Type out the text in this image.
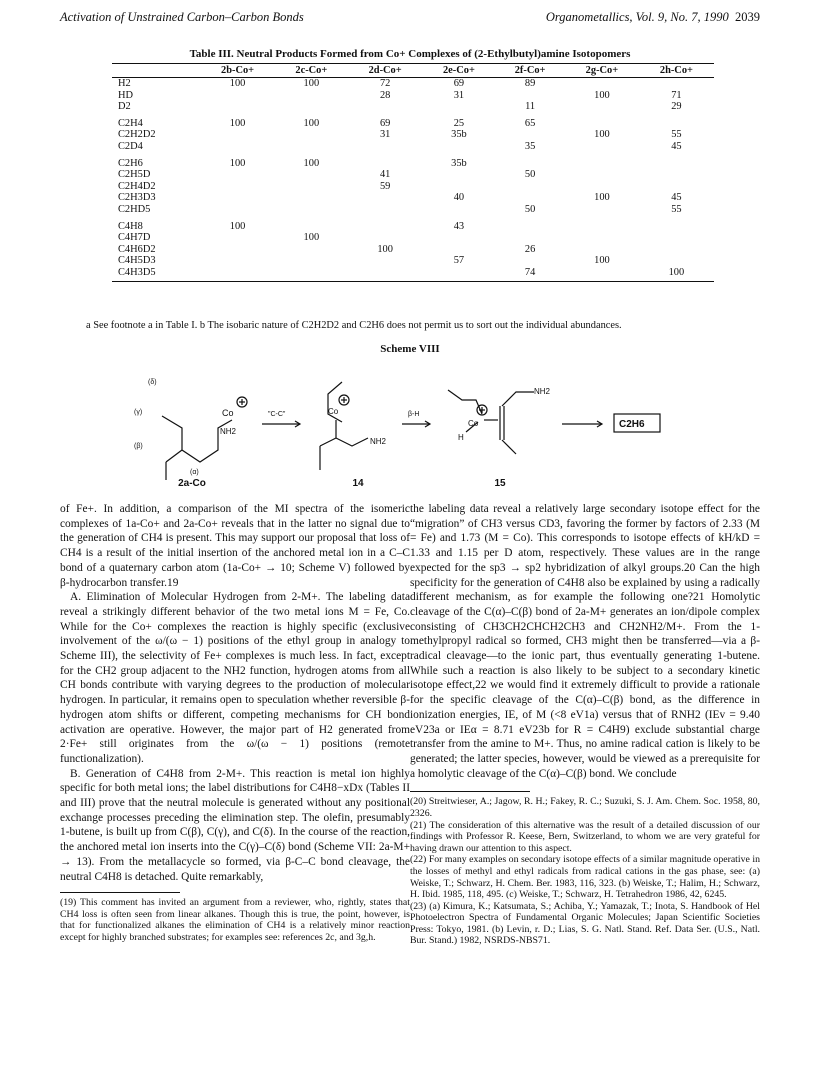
Activation of Unstrained Carbon–Carbon Bonds	Organometallics, Vol. 9, No. 7, 1990 2039
Table III. Neutral Products Formed from Co+ Complexes of (2-Ethylbutyl)amine Isotopomers
	2b-Co+	2c-Co+	2d-Co+	2e-Co+	2f-Co+	2g-Co+	2h-Co+
H2	100	100	72	69	89		
HD			28	31		100	71
D2					11		29
C2H4	100	100	69	25	65		
C2H2D2			31	35b		100	55
C2D4					35		45
C2H6	100	100		35b			
C2H5D			41		50		
C2H4D2			59				
C2H3D3				40		100	45
C2HD5					50		55
C4H8	100			43			
C4H7D		100					
C4H6D2			100		26		
C4H5D3				57		100	
C4H3D5					74		100
a See footnote a in Table I. b The isobaric nature of C2H2D2 and C2H6 does not permit us to sort out the individual abundances.
Scheme VIII
(δ)
(γ)
(β)
(α)
Co
NH2
"C-C"	Co
NH2
β-H
Co
H
NH2
C2H6
2a-Co	14	15

of Fe+. In addition, a comparison of the MI spectra of the isomeric complexes of 1a-Co+ and 2a-Co+ reveals that in the latter no signal due to the generation of CH4 is present. This may support our proposal that loss of CH4 is a result of the initial insertion of the anchored metal ion in a C–C bond of a quaternary carbon atom (1a-Co+ → 10; Scheme V) followed by β-hydrocarbon transfer.19

A. Elimination of Molecular Hydrogen from 2-M+. The labeling data reveal a strikingly different behavior of the two metal ions M = Fe, Co. While for the Co+ complexes the reaction is highly specific (exclusive involvement of the ω/(ω − 1) positions of the ethyl group in analogy to Scheme III), the selectivity of Fe+ complexes is much less. In fact, except for the CH2 group adjacent to the NH2 function, hydrogen atoms from all CH bonds contribute with varying degrees to the production of molecular hydrogen. In particular, it remains open to speculation whether reversible β-hydrogen atom shifts or different, competing mechanisms for CH bond activation are operative. However, the major part of H2 generated from 2·Fe+ still originates from the ω/(ω − 1) positions (remote functionalization).

B. Generation of C4H8 from 2-M+. This reaction is metal ion highly specific for both metal ions; the label distributions for C4H8−xDx (Tables II and III) prove that the neutral molecule is generated without any positional exchange processes preceding the elimination step. The olefin, presumably 1-butene, is built up from C(β), C(γ), and C(δ). In the course of the reaction, the anchored metal ion inserts into the C(γ)–C(δ) bond (Scheme VII: 2a-M+ → 13). From the metallacycle so formed, via β-C–C bond cleavage, the neutral C4H8 is detached. Quite remarkably,

(19) This comment has invited an argument from a reviewer, who, rightly, states that CH4 loss is often seen from linear alkanes. Though this is true, the point, however, is that for functionalized alkanes the elimination of CH4 is a relatively minor reaction except for highly branched substrates; for examples see: references 2c, and 3g,h.

the labeling data reveal a relatively large secondary isotope effect for the “migration” of CH3 versus CD3, favoring the former by factors of 2.33 (M = Fe) and 1.73 (M = Co). This corresponds to isotope effects of kH/kD = 1.33 and 1.15 per D atom, respectively. These values are in the range expected for the sp3 → sp2 hybridization of alkyl groups.20 Can the high specificity for the generation of C4H8 also be explained by using a radically different mechanism, as for example the following one?21 Homolytic cleavage of the C(α)–C(β) bond of 2a-M+ generates an ion/dipole complex consisting of CH3CH2CHCH2CH3 and CH2NH2/M+. From the 1-methylpropyl radical so formed, CH3 might then be transferred—via a β-radical cleavage—to the ionic part, thus eventually generating 1-butene. While such a reaction is also likely to be subject to a secondary kinetic isotope effect,22 we would find it extremely difficult to provide a rationale for the specific cleavage of the C(α)–C(β) bond, as the difference in ionization energies, IE, of M (<8 eV1a) versus that of RNH2 (IEv = 9.40 eV23a or IEα = 8.71 eV23b for R = C4H9) exclude substantial charge transfer from the amine to M+. Thus, no amine radical cation is likely to be generated; the latter species, however, would be viewed as a prerequisite for a homolytic cleavage of the C(α)–C(β) bond. We conclude

(20) Streitwieser, A.; Jagow, R. H.; Fakey, R. C.; Suzuki, S. J. Am. Chem. Soc. 1958, 80, 2326.

(21) The consideration of this alternative was the result of a detailed discussion of our findings with Professor R. Keese, Bern, Switzerland, to whom we are very grateful for having drawn our attention to this aspect.

(22) For many examples on secondary isotope effects of a similar magnitude operative in the losses of methyl and ethyl radicals from radical cations in the gas phase, see: (a) Weiske, T.; Schwarz, H. Chem. Ber. 1983, 116, 323. (b) Weiske, T.; Halim, H.; Schwarz, H. Ibid. 1985, 118, 495. (c) Weiske, T.; Schwarz, H. Tetrahedron 1986, 42, 6245.

(23) (a) Kimura, K.; Katsumata, S.; Achiba, Y.; Yamazak, T.; Inota, S. Handbook of Hel Photoelectron Spectra of Fundamental Organic Molecules; Japan Scientific Societies Press: Tokyo, 1981. (b) Levin, r. D.; Lias, S. G. Natl. Stand. Ref. Data Ser. (U.S., Natl. Bur. Stand.) 1982, NSRDS-NBS71.
